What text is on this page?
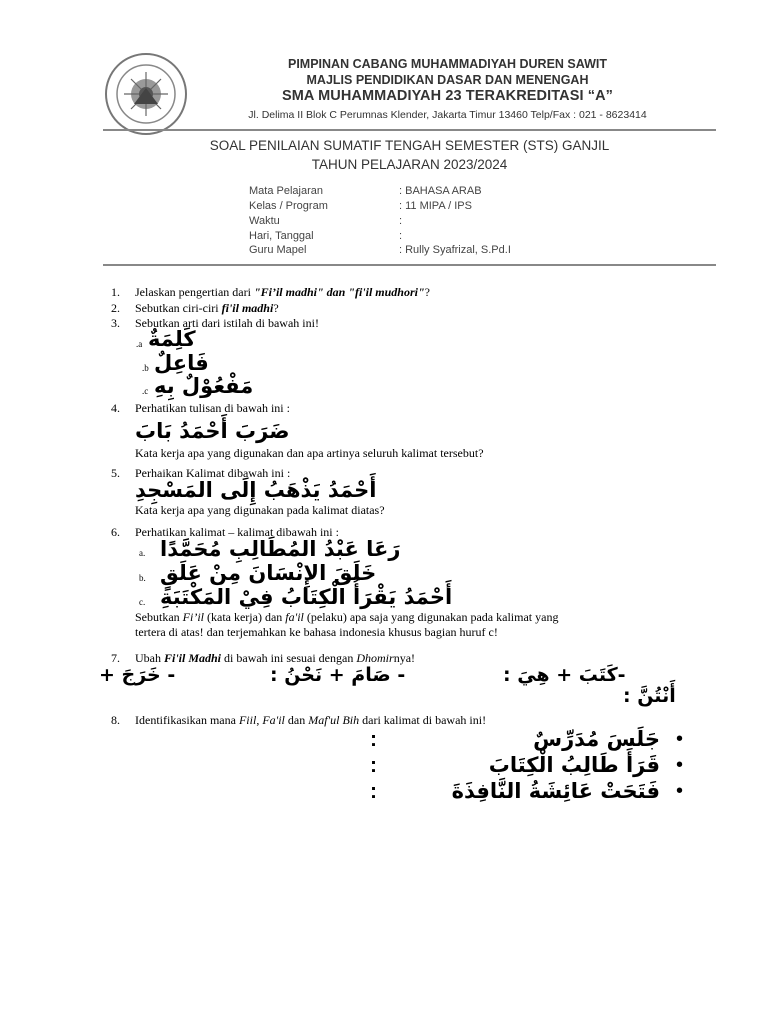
PIMPINAN CABANG MUHAMMADIYAH DUREN SAWIT
MAJLIS PENDIDIKAN DASAR DAN MENENGAH
SMA MUHAMMADIYAH 23 TERAKREDITASI “A”
Jl. Delima II Blok C Perumnas Klender, Jakarta Timur 13460 Telp/Fax : 021 - 8623414
SOAL PENILAIAN SUMATIF TENGAH SEMESTER (STS) GANJIL
TAHUN PELAJARAN 2023/2024
Mata Pelajaran	: BAHASA ARAB
Kelas / Program	: 11 MIPA / IPS
Waktu	:
Hari, Tanggal	:
Guru Mapel	: Rully Syafrizal, S.Pd.I
1. Jelaskan pengertian dari "Fi’il madhi" dan "fi'il mudhori"?
2. Sebutkan ciri-ciri fi'il madhi?
3. Sebutkan arti dari istilah di bawah ini!
.a كَلِمَةٌ
.b فَاعِلٌ
.c مَفْعُوْلٌ بِهِ
4. Perhatikan tulisan di bawah ini :
ضَرَبَ أَحْمَدُ بَابَ
Kata kerja apa yang digunakan dan apa artinya seluruh kalimat tersebut?
5. Perhaikan Kalimat dibawah ini :
أَحْمَدُ يَذْهَبُ إِلَى المَسْجِدِ
Kata kerja apa yang digunakan pada kalimat diatas?
6. Perhatikan kalimat – kalimat dibawah ini :
a. رَعَا عَبْدُ المُطَالِبِ مُحَمَّدًا
b. خَلَقَ الإِنْسَانَ مِنْ عَلَقٍ
c. أَحْمَدُ يَقْرَأُ الْكِتَابُ فِيْ المَكْتَبَةِ
Sebutkan Fi’il (kata kerja) dan fa'il (pelaku) apa saja yang digunakan pada kalimat yang
tertera di atas! dan terjemahkan ke bahasa indonesia khusus bagian huruf c!
7. Ubah Fi'il Madhi di bawah ini sesuai dengan Dhomirnya!
-كَتَبَ + هِيَ :
- صَامَ + نَحْنُ :
- خَرَجَ +
أَنْتُنَّ :
8. Identifikasikan mana Fiil, Fa'il dan Maf'ul Bih dari kalimat di bawah ini!
•
جَلَسَ مُدَرِّسٌ
:
•
قَرَأَ طَالِبُ الْكِتَابَ
:
•
فَتَحَتْ عَائِشَةُ النَّافِذَةَ
:
